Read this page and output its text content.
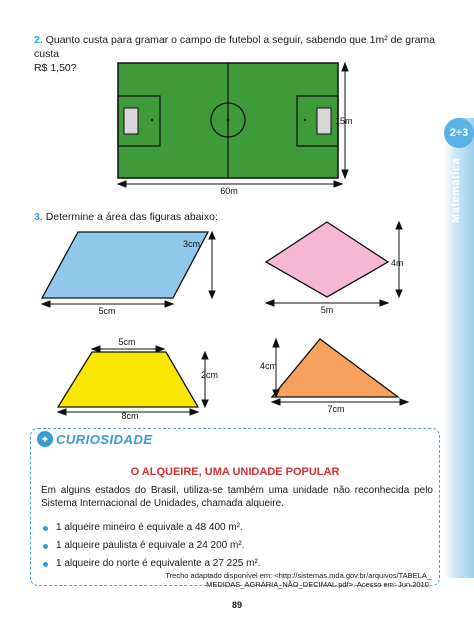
2. Quanto custa para gramar o campo de futebol a seguir, sabendo que 1m² de grama custa
R$ 1,50?
60m
15m
2÷3
Matemática
3. Determine a área das figuras abaixo:
3cm
5cm
4m
5m
5cm
2cm
8cm
4cm
7cm
✦ CURIOSIDADE
O ALQUEIRE, UMA UNIDADE POPULAR
Em alguns estados do Brasil, utiliza-se também uma unidade não reconhecida pelo Sistema Internacional de Unidades, chamada alqueire.
1 alqueire mineiro é equivale a 48 400 m².
1 alqueire paulista é equivale a 24 200 m².
1 alqueire do norte é equivalente a 27 225 m².
Trecho adaptado disponível em: <http://sistemas.mda.gov.br/arquivos/TABELA_
MEDIDAS_AGRÁRIA_NÃO_DECIMAL.pdf>. Acesso em: Jun.2010.
89
